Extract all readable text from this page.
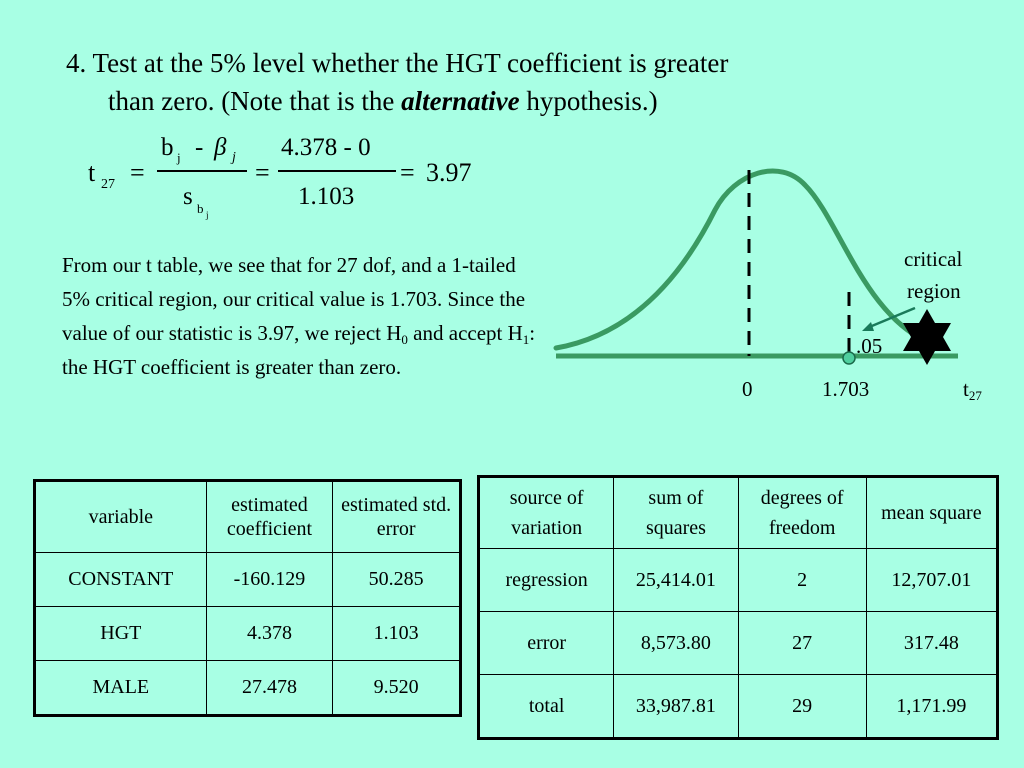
4. Test at the 5% level whether the HGT coefficient is greater
than zero. (Note that is the alternative hypothesis.)
t 27 =
b j - β j
s b j
=
4.378 - 0
1.103
= 3.97
From our t table, we see that for 27 dof, and a 1-tailed 5% critical region, our critical value is 1.703. Since the value of our statistic is 3.97, we reject $H_0$ and accept $H_1$: the HGT coefficient is greater than zero.
critical
region
.05
0	1.703	$t_{27}$
variable	estimated coefficient	estimated std. error
CONSTANT	-160.129	50.285
HGT	4.378	1.103
MALE	27.478	9.520
source of variation	sum of squares	degrees of freedom	mean square
regression	25,414.01	2	12,707.01
error	8,573.80	27	317.48
total	33,987.81	29	1,171.99
